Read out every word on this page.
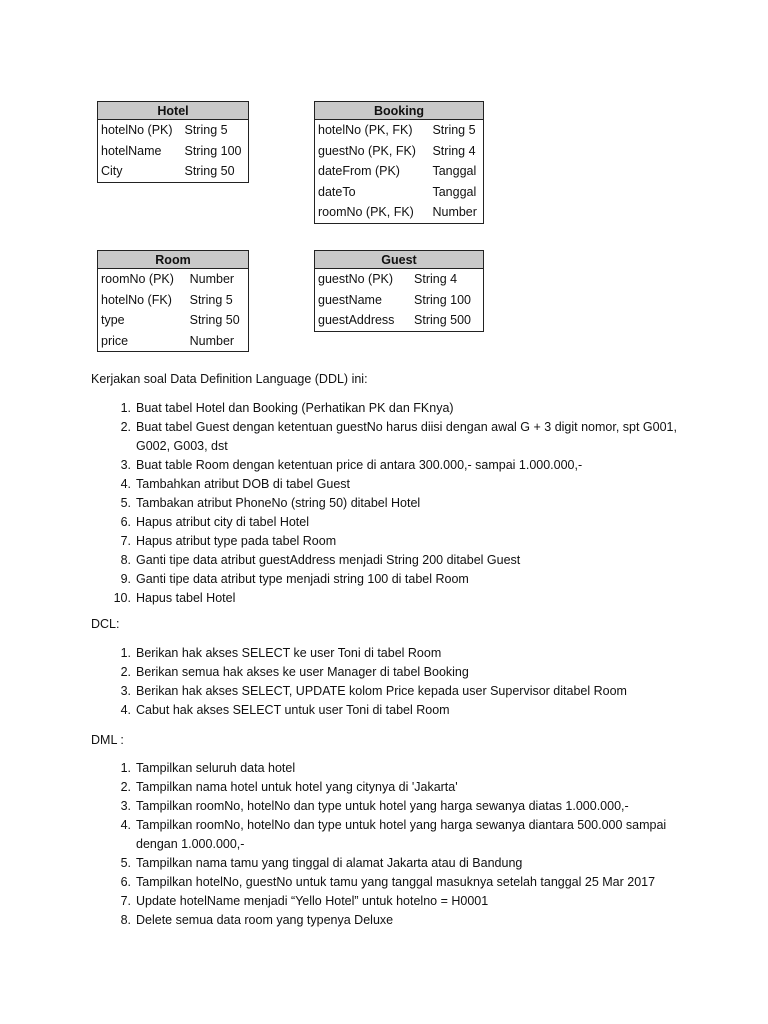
Hotel	
hotelNo (PK)	String 5
hotelName	String 100
City	String 50
Booking	
hotelNo (PK, FK)	String 5
guestNo (PK, FK)	String 4
dateFrom (PK)	Tanggal
dateTo	Tanggal
roomNo (PK, FK)	Number
Room	
roomNo (PK)	Number
hotelNo (FK)	String 5
type	String 50
price	Number
Guest	
guestNo (PK)	String 4
guestName	String 100
guestAddress	String 500
Kerjakan soal Data Definition Language (DDL) ini:
1. Buat tabel Hotel dan Booking (Perhatikan PK dan FKnya)
2. Buat tabel Guest dengan ketentuan guestNo harus diisi dengan awal G + 3 digit nomor, spt G001, G002, G003, dst
3. Buat table Room dengan ketentuan price di antara 300.000,- sampai 1.000.000,-
4. Tambahkan atribut DOB di tabel Guest
5. Tambakan atribut PhoneNo (string 50) ditabel Hotel
6. Hapus atribut city di tabel Hotel
7. Hapus atribut type pada tabel Room
8. Ganti tipe data atribut guestAddress menjadi String 200 ditabel Guest
9. Ganti tipe data atribut type menjadi string 100 di tabel Room
10. Hapus tabel Hotel
DCL:
1. Berikan hak akses SELECT ke user Toni di tabel Room
2. Berikan semua hak akses ke user Manager di tabel Booking
3. Berikan hak akses SELECT, UPDATE kolom Price kepada user Supervisor ditabel Room
4. Cabut hak akses SELECT untuk user Toni di tabel Room
DML :
1. Tampilkan seluruh data hotel
2. Tampilkan nama hotel untuk hotel yang citynya di 'Jakarta'
3. Tampilkan roomNo, hotelNo dan type untuk hotel yang harga sewanya diatas 1.000.000,-
4. Tampilkan roomNo, hotelNo dan type untuk hotel yang harga sewanya diantara 500.000 sampai dengan 1.000.000,-
5. Tampilkan nama tamu yang tinggal di alamat Jakarta atau di Bandung
6. Tampilkan hotelNo, guestNo untuk tamu yang tanggal masuknya setelah tanggal 25 Mar 2017
7. Update hotelName menjadi “Yello Hotel” untuk hotelno = H0001
8. Delete semua data room yang typenya Deluxe
